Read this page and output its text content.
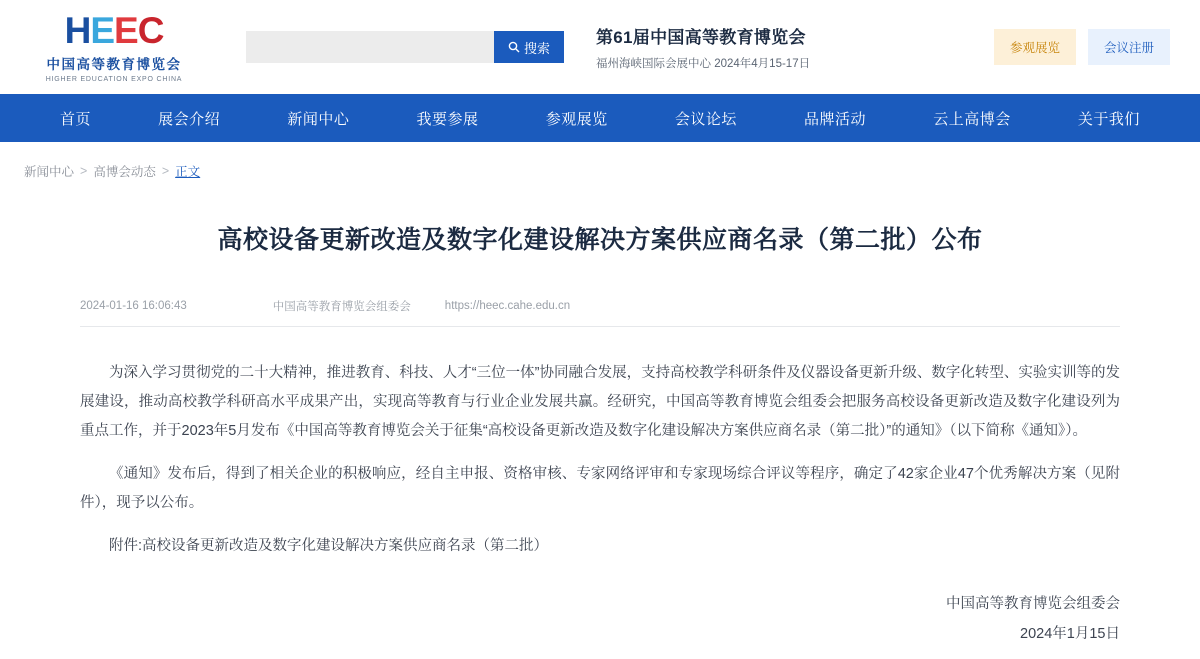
H E E C
中国高等教育博览会
HIGHER EDUCATION EXPO CHINA
搜索
第61届中国高等教育博览会
福州海峡国际会展中心 2024年4月15-17日
参观展览	会议注册
首页	展会介绍	新闻中心	我要参展	参观展览	会议论坛	品牌活动	云上高博会	关于我们
新闻中心 > 高博会动态 > 正文
高校设备更新改造及数字化建设解决方案供应商名录（第二批）公布
2024-01-16 16:06:43	中国高等教育博览会组委会	https://heec.cahe.edu.cn

为深入学习贯彻党的二十大精神，推进教育、科技、人才“三位一体”协同融合发展，支持高校教学科研条件及仪器设备更新升级、数字化转型、实验实训等的发展建设，推动高校教学科研高水平成果产出，实现高等教育与行业企业发展共赢。经研究，中国高等教育博览会组委会把服务高校设备更新改造及数字化建设列为重点工作，并于2023年5月发布《中国高等教育博览会关于征集“高校设备更新改造及数字化建设解决方案供应商名录（第二批）”的通知》（以下简称《通知》）。

《通知》发布后，得到了相关企业的积极响应，经自主申报、资格审核、专家网络评审和专家现场综合评议等程序，确定了42家企业47个优秀解决方案（见附件），现予以公布。

附件:高校设备更新改造及数字化建设解决方案供应商名录（第二批）

中国高等教育博览会组委会
2024年1月15日
